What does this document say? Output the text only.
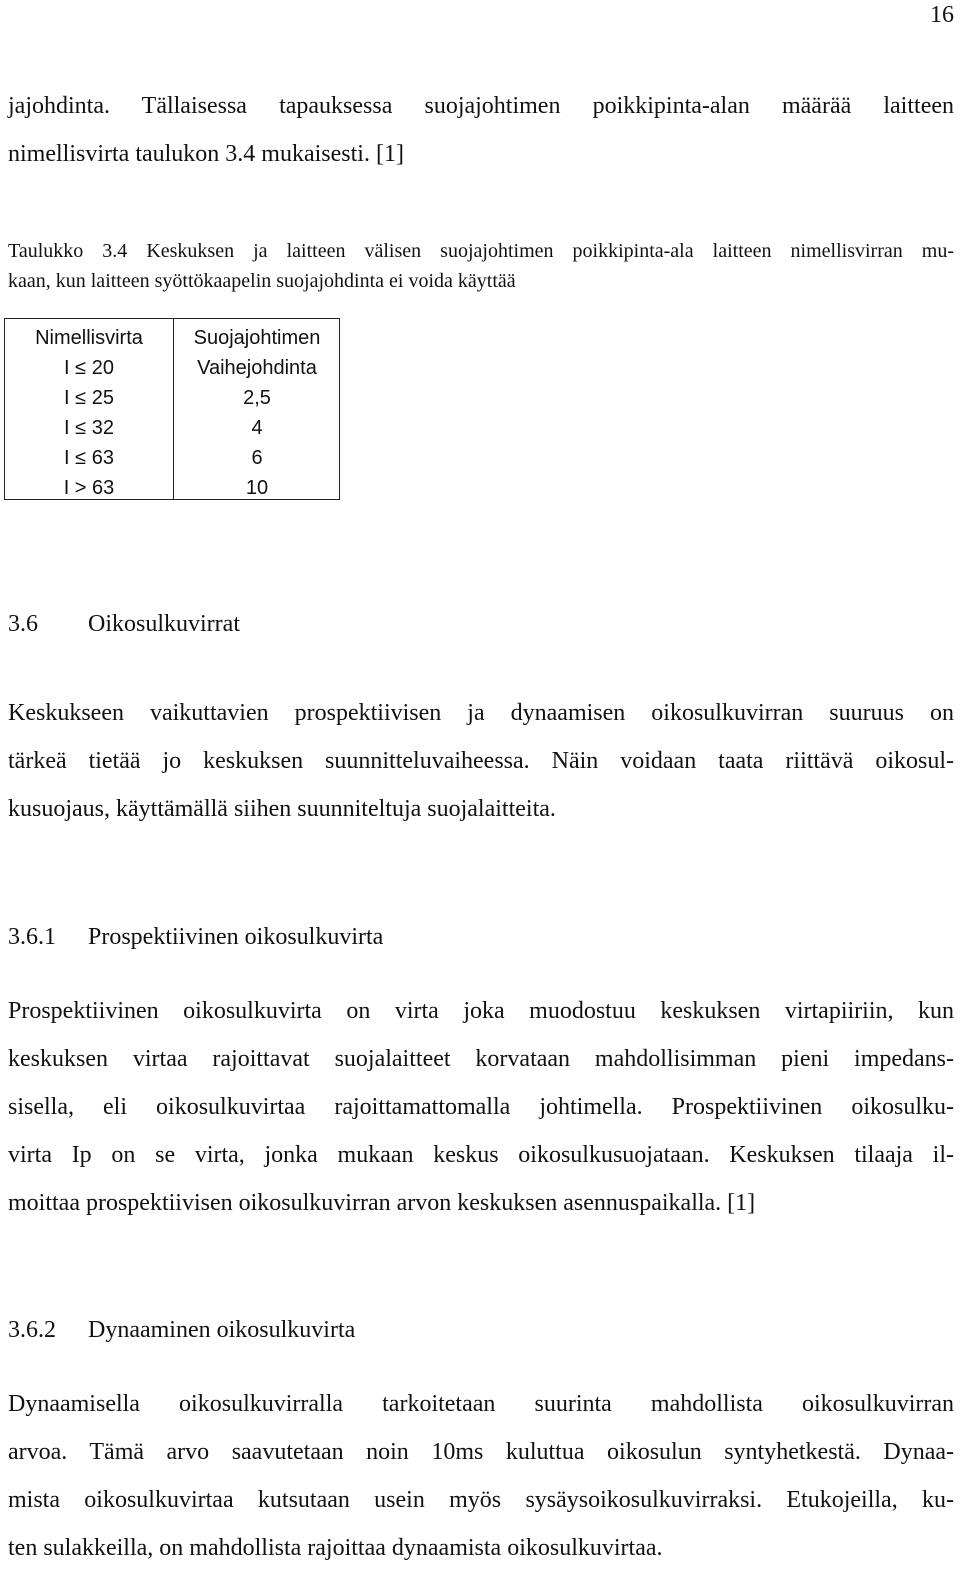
16

jajohdinta. Tällaisessa tapauksessa suojajohtimen poikkipinta-alan määrää laitteen
nimellisvirta taulukon 3.4 mukaisesti. [1]

Taulukko 3.4 Keskuksen ja laitteen välisen suojajohtimen poikkipinta-ala laitteen nimellisvirran mu-
kaan, kun laitteen syöttökaapelin suojajohdinta ei voida käyttää

Nimellisvirta
I ≤ 20
I ≤ 25
I ≤ 32
I ≤ 63
I > 63
Suojajohtimen
Vaihejohdinta
2,5
4
6
10
3.6 Oikosulkuvirrat

Keskukseen vaikuttavien prospektiivisen ja dynaamisen oikosulkuvirran suuruus on
tärkeä tietää jo keskuksen suunnitteluvaiheessa. Näin voidaan taata riittävä oikosul-
kusuojaus, käyttämällä siihen suunniteltuja suojalaitteita.

3.6.1 Prospektiivinen oikosulkuvirta

Prospektiivinen oikosulkuvirta on virta joka muodostuu keskuksen virtapiiriin, kun
keskuksen virtaa rajoittavat suojalaitteet korvataan mahdollisimman pieni impedans-
sisella, eli oikosulkuvirtaa rajoittamattomalla johtimella. Prospektiivinen oikosulku-
virta Ip on se virta, jonka mukaan keskus oikosulkusuojataan. Keskuksen tilaaja il-
moittaa prospektiivisen oikosulkuvirran arvon keskuksen asennuspaikalla. [1]

3.6.2 Dynaaminen oikosulkuvirta

Dynaamisella oikosulkuvirralla tarkoitetaan suurinta mahdollista oikosulkuvirran
arvoa. Tämä arvo saavutetaan noin 10ms kuluttua oikosulun syntyhetkestä. Dynaa-
mista oikosulkuvirtaa kutsutaan usein myös sysäysoikosulkuvirraksi. Etukojeilla, ku-
ten sulakkeilla, on mahdollista rajoittaa dynaamista oikosulkuvirtaa.
